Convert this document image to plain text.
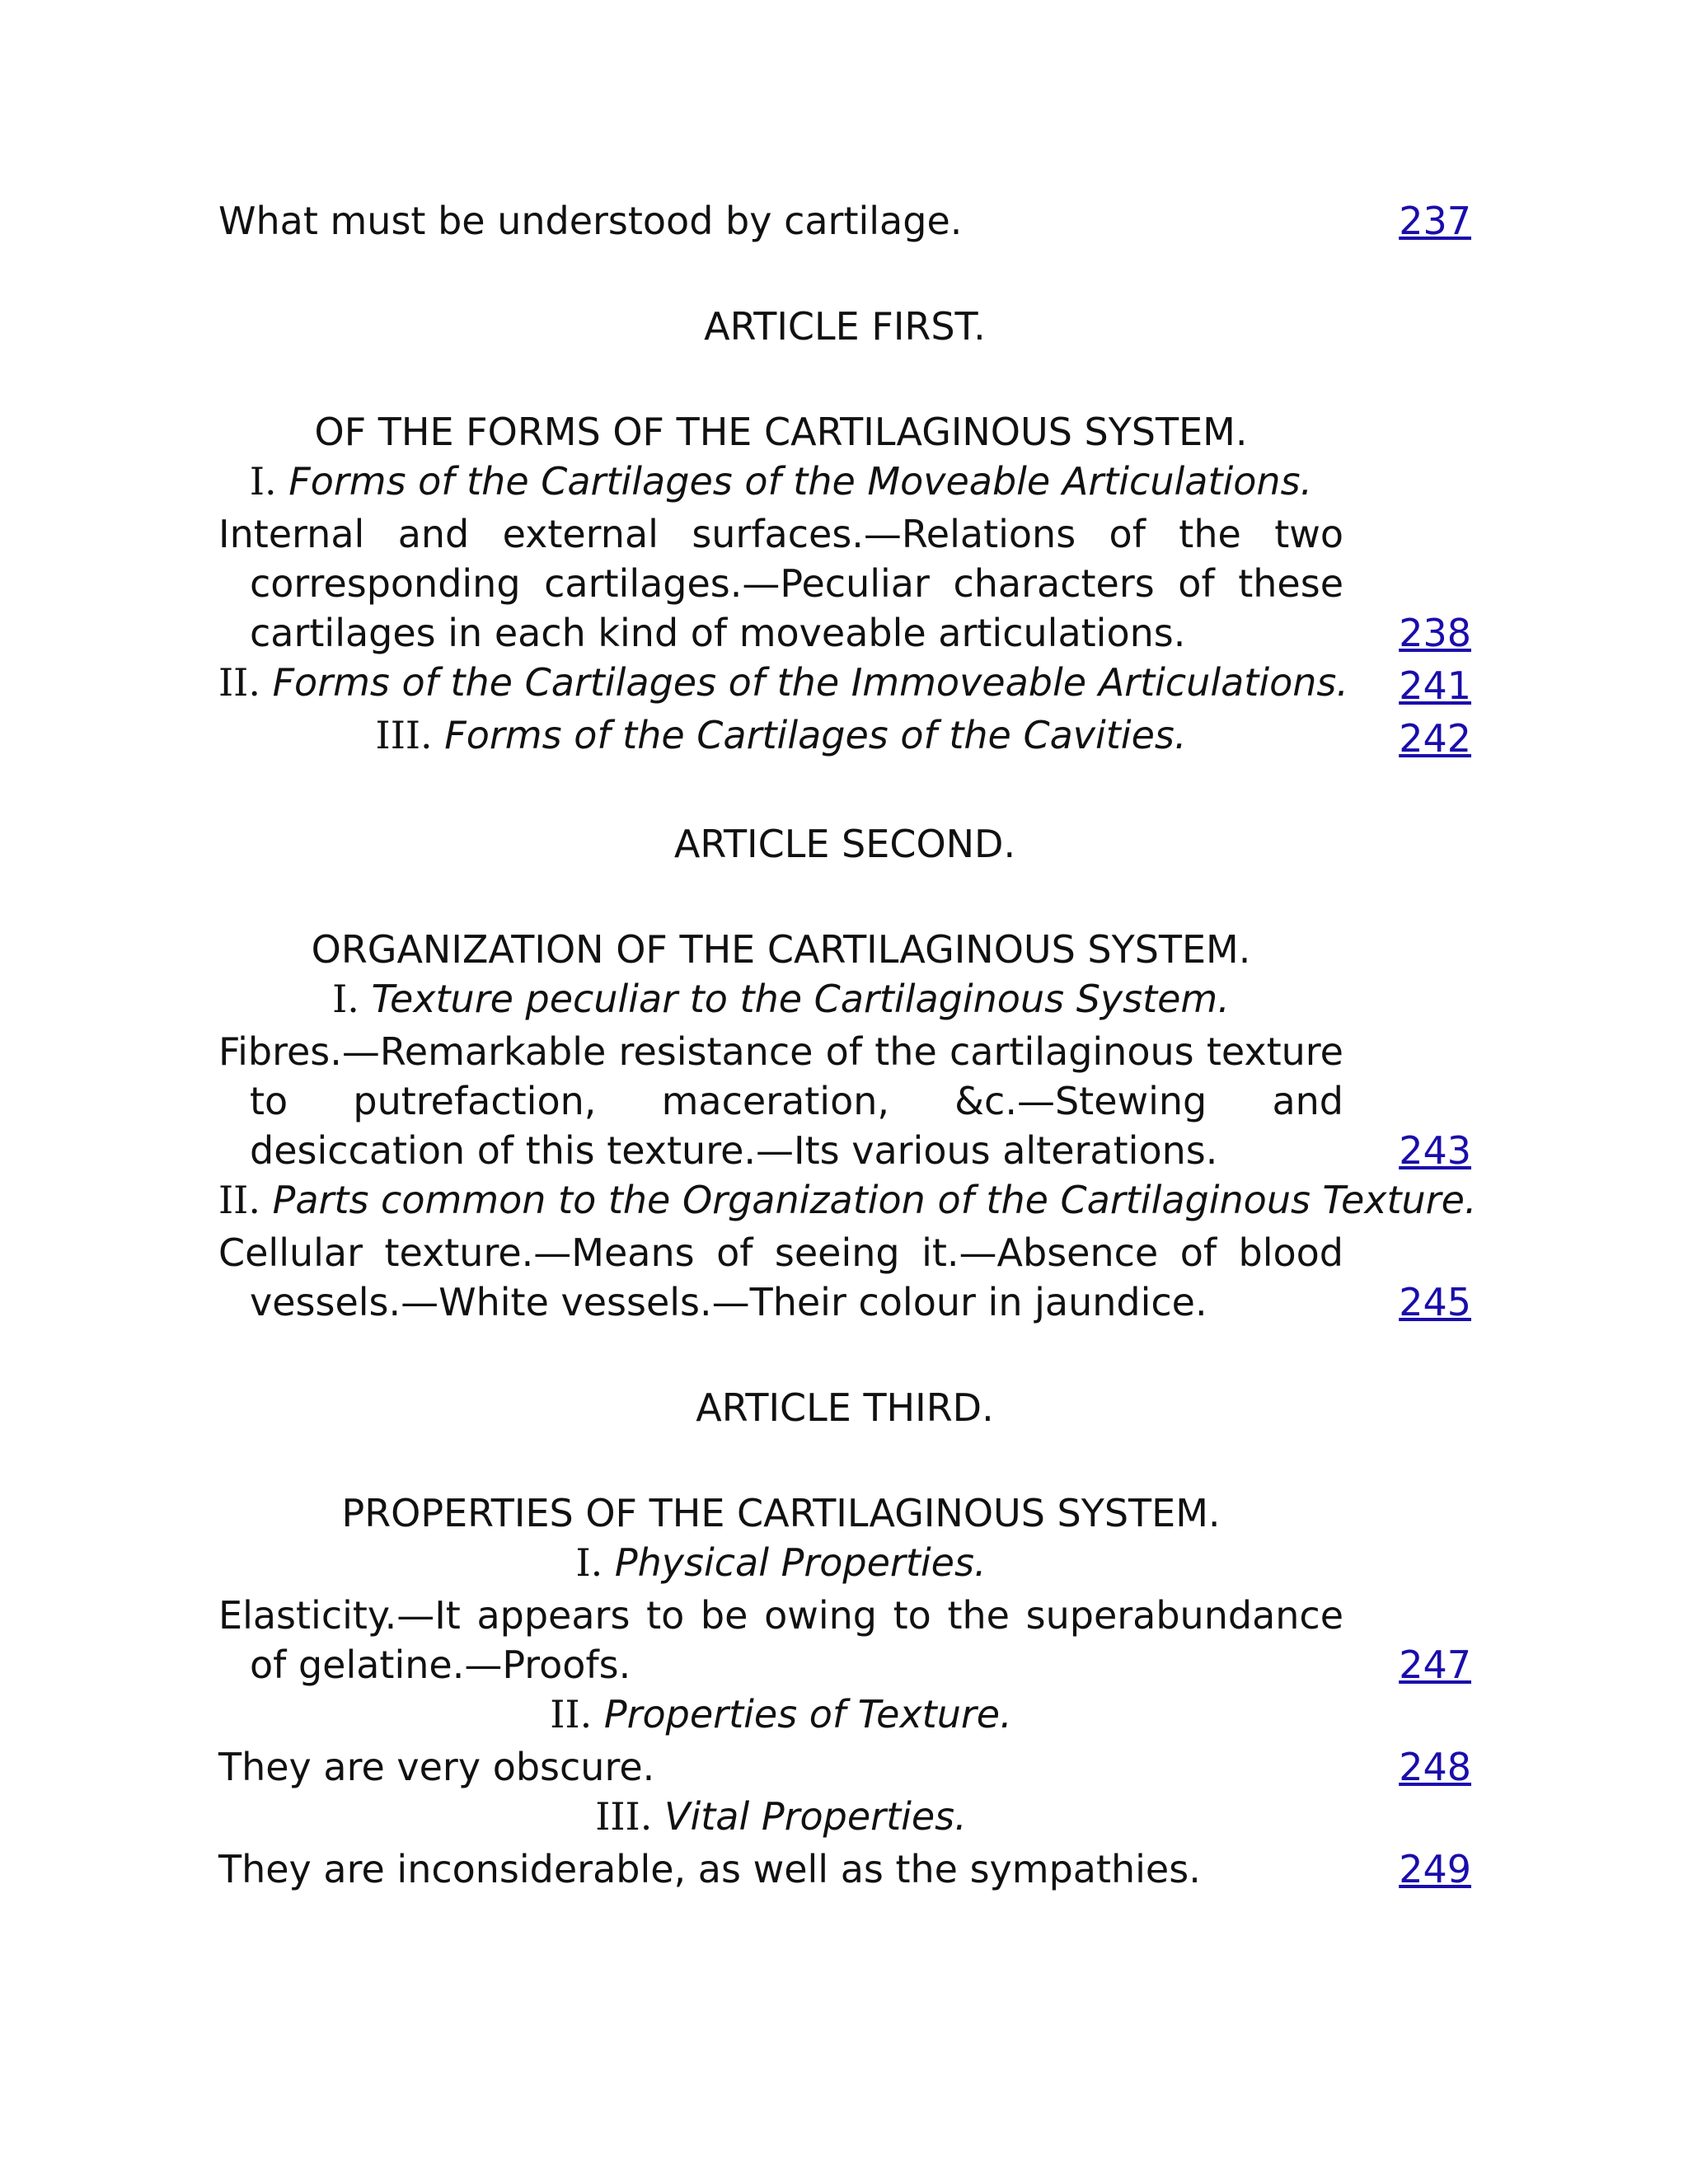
What must be understood by cartilage.	237
ARTICLE FIRST.
OF THE FORMS OF THE CARTILAGINOUS SYSTEM.
I. Forms of the Cartilages of the Moveable Articulations.
Internal and external surfaces.—Relations of the two corresponding cartilages.—Peculiar characters of these cartilages in each kind of moveable articulations.	238
II. Forms of the Cartilages of the Immoveable Articulations. 241
III. Forms of the Cartilages of the Cavities.	242
ARTICLE SECOND.
ORGANIZATION OF THE CARTILAGINOUS SYSTEM.
I. Texture peculiar to the Cartilaginous System.
Fibres.—Remarkable resistance of the cartilaginous texture to putrefaction, maceration, &c.—Stewing and desiccation of this texture.—Its various alterations.	243
II. Parts common to the Organization of the Cartilaginous Texture.
Cellular texture.—Means of seeing it.—Absence of blood vessels.—White vessels.—Their colour in jaundice.	245
ARTICLE THIRD.
PROPERTIES OF THE CARTILAGINOUS SYSTEM.
I. Physical Properties.
Elasticity.—It appears to be owing to the superabundance of gelatine.—Proofs.	247
II. Properties of Texture.
They are very obscure.	248
III. Vital Properties.
They are inconsiderable, as well as the sympathies.	249
